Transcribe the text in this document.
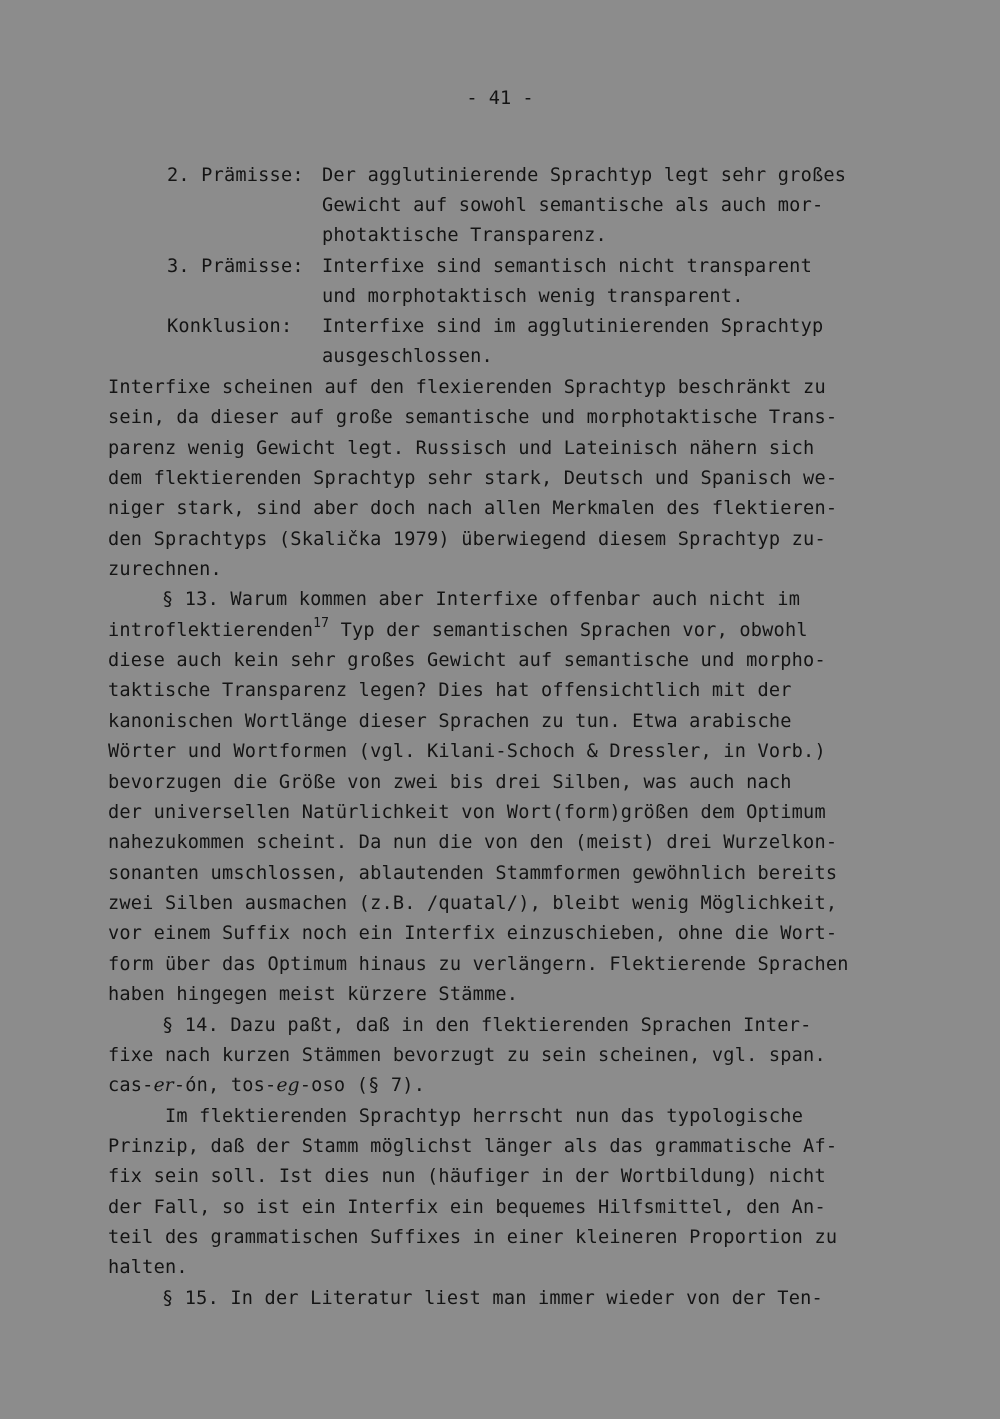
- 41 -
2. Prämisse: Der agglutinierende Sprachtyp legt sehr großes
Gewicht auf sowohl semantische als auch mor-
photaktische Transparenz.
3. Prämisse: Interfixe sind semantisch nicht transparent
und morphotaktisch wenig transparent.
Konklusion: Interfixe sind im agglutinierenden Sprachtyp
ausgeschlossen.
Interfixe scheinen auf den flexierenden Sprachtyp beschränkt zu
sein, da dieser auf große semantische und morphotaktische Trans-
parenz wenig Gewicht legt. Russisch und Lateinisch nähern sich
dem flektierenden Sprachtyp sehr stark, Deutsch und Spanisch we-
niger stark, sind aber doch nach allen Merkmalen des flektieren-
den Sprachtyps (Skalička 1979) überwiegend diesem Sprachtyp zu-
zurechnen.
§ 13. Warum kommen aber Interfixe offenbar auch nicht im
introflektierenden$^{17}$ Typ der semantischen Sprachen vor, obwohl
diese auch kein sehr großes Gewicht auf semantische und morpho-
taktische Transparenz legen? Dies hat offensichtlich mit der
kanonischen Wortlänge dieser Sprachen zu tun. Etwa arabische
Wörter und Wortformen (vgl. Kilani-Schoch & Dressler, in Vorb.)
bevorzugen die Größe von zwei bis drei Silben, was auch nach
der universellen Natürlichkeit von Wort(form)größen dem Optimum
nahezukommen scheint. Da nun die von den (meist) drei Wurzelkon-
sonanten umschlossen, ablautenden Stammformen gewöhnlich bereits
zwei Silben ausmachen (z.B. /quatal/), bleibt wenig Möglichkeit,
vor einem Suffix noch ein Interfix einzuschieben, ohne die Wort-
form über das Optimum hinaus zu verlängern. Flektierende Sprachen
haben hingegen meist kürzere Stämme.
§ 14. Dazu paßt, daß in den flektierenden Sprachen Inter-
fixe nach kurzen Stämmen bevorzugt zu sein scheinen, vgl. span.
cas-er-ón, tos-eg-oso (§ 7).
Im flektierenden Sprachtyp herrscht nun das typologische
Prinzip, daß der Stamm möglichst länger als das grammatische Af-
fix sein soll. Ist dies nun (häufiger in der Wortbildung) nicht
der Fall, so ist ein Interfix ein bequemes Hilfsmittel, den An-
teil des grammatischen Suffixes in einer kleineren Proportion zu
halten.
§ 15. In der Literatur liest man immer wieder von der Ten-
